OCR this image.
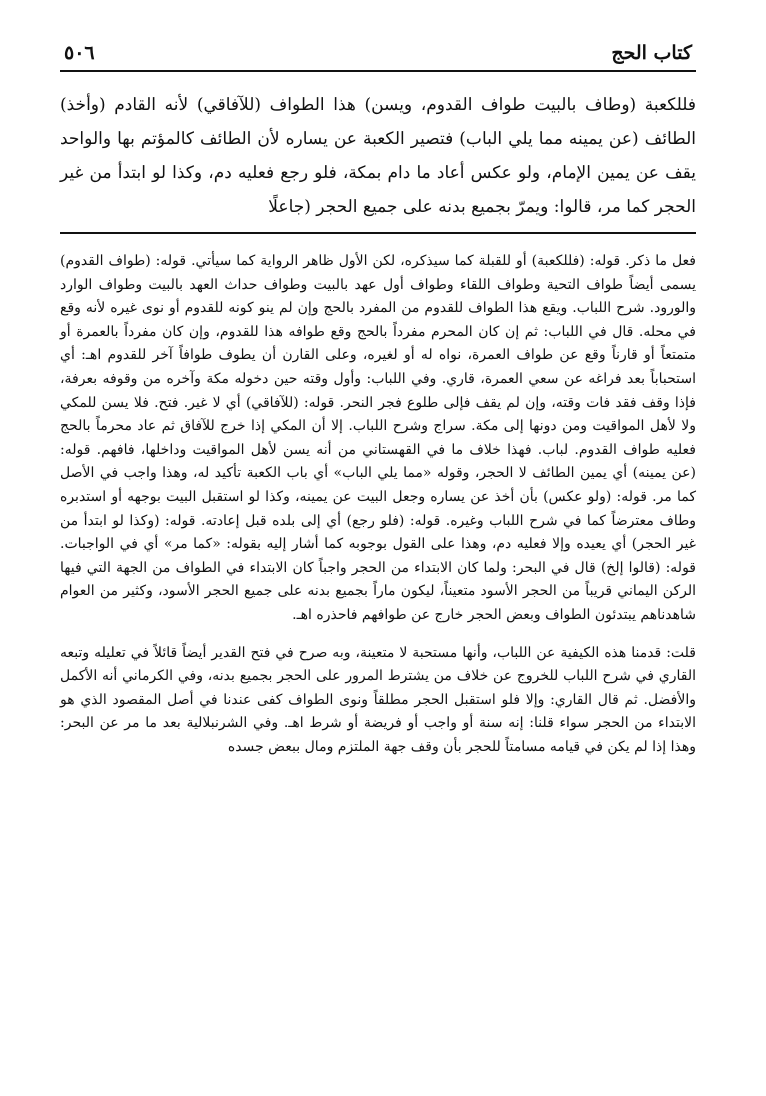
٥٠٦	كتاب الحج
فللكعبة (وطاف بالبيت طواف القدوم، ويسن) هذا الطواف (للآفاقي) لأنه القادم (وأخذ) الطائف (عن يمينه مما يلي الباب) فتصير الكعبة عن يساره لأن الطائف كالمؤتم بها والواحد يقف عن يمين الإمام، ولو عكس أعاد ما دام بمكة، فلو رجع فعليه دم، وكذا لو ابتدأ من غير الحجر كما مر، قالوا: ويمرّ بجميع بدنه على جميع الحجر (جاعلًا

فعل ما ذكر. قوله: (فللكعبة) أو للقبلة كما سيذكره، لكن الأول ظاهر الرواية كما سيأتي. قوله: (طواف القدوم) يسمى أيضاً طواف التحية وطواف اللقاء وطواف أول عهد بالبيت وطواف حداث العهد بالبيت وطواف الوارد والورود. شرح اللباب. ويقع هذا الطواف للقدوم من المفرد بالحج وإن لم ينو كونه للقدوم أو نوى غيره لأنه وقع في محله. قال في اللباب: ثم إن كان المحرم مفرداً بالحج وقع طوافه هذا للقدوم، وإن كان مفرداً بالعمرة أو متمتعاً أو قارناً وقع عن طواف العمرة، نواه له أو لغيره، وعلى القارن أن يطوف طوافاً آخر للقدوم اهـ: أي استحباباً بعد فراغه عن سعي العمرة، قاري. وفي اللباب: وأول وقته حين دخوله مكة وآخره من وقوفه بعرفة، فإذا وقف فقد فات وقته، وإن لم يقف فإلى طلوع فجر النحر. قوله: (للآفاقي) أي لا غير. فتح. فلا يسن للمكي ولا لأهل المواقيت ومن دونها إلى مكة. سراج وشرح اللباب. إلا أن المكي إذا خرج للآفاق ثم عاد محرماً بالحج فعليه طواف القدوم. لباب. فهذا خلاف ما في القهستاني من أنه يسن لأهل المواقيت وداخلها، فافهم. قوله: (عن يمينه) أي يمين الطائف لا الحجر، وقوله «مما يلي الباب» أي باب الكعبة تأكيد له، وهذا واجب في الأصل كما مر. قوله: (ولو عكس) بأن أخذ عن يساره وجعل البيت عن يمينه، وكذا لو استقبل البيت بوجهه أو استدبره وطاف معترضاً كما في شرح اللباب وغيره. قوله: (فلو رجع) أي إلى بلده قبل إعادته. قوله: (وكذا لو ابتدأ من غير الحجر) أي يعيده وإلا فعليه دم، وهذا على القول بوجوبه كما أشار إليه بقوله: «كما مر» أي في الواجبات. قوله: (قالوا إلخ) قال في البحر: ولما كان الابتداء من الحجر واجباً كان الابتداء في الطواف من الجهة التي فيها الركن اليماني قريباً من الحجر الأسود متعيناً، ليكون ماراً بجميع بدنه على جميع الحجر الأسود، وكثير من العوام شاهدناهم يبتدئون الطواف وبعض الحجر خارج عن طوافهم فاحذره اهـ.

قلت: قدمنا هذه الكيفية عن اللباب، وأنها مستحبة لا متعينة، وبه صرح في فتح القدير أيضاً قائلاً في تعليله وتبعه القاري في شرح اللباب للخروج عن خلاف من يشترط المرور على الحجر بجميع بدنه، وفي الكرماني أنه الأكمل والأفضل. ثم قال القاري: وإلا فلو استقبل الحجر مطلقاً ونوى الطواف كفى عندنا في أصل المقصود الذي هو الابتداء من الحجر سواء قلنا: إنه سنة أو واجب أو فريضة أو شرط اهـ. وفي الشرنبلالية بعد ما مر عن البحر: وهذا إذا لم يكن في قيامه مسامتاً للحجر بأن وقف جهة الملتزم ومال ببعض جسده
